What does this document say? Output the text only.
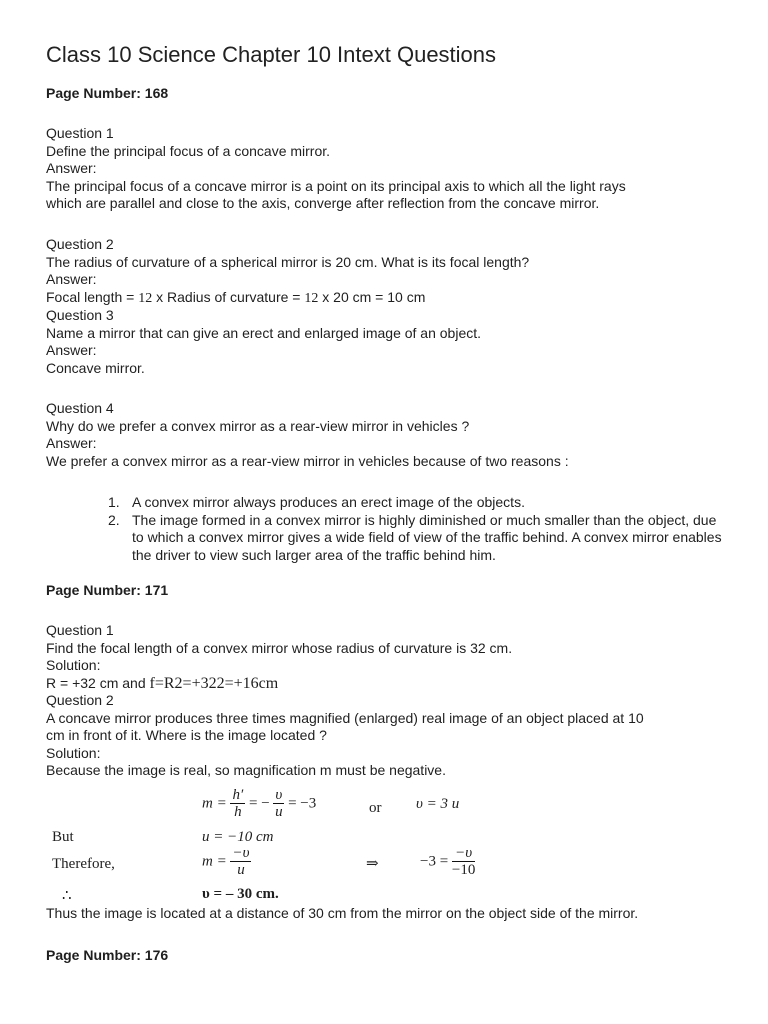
Class 10 Science Chapter 10 Intext Questions
Page Number: 168
Question 1
Define the principal focus of a concave mirror.
Answer:
The principal focus of a concave mirror is a point on its principal axis to which all the light rays
which are parallel and close to the axis, converge after reflection from the concave mirror.
Question 2
The radius of curvature of a spherical mirror is 20 cm. What is its focal length?
Answer:
Focal length = 12 x Radius of curvature = 12 x 20 cm = 10 cm
Question 3
Name a mirror that can give an erect and enlarged image of an object.
Answer:
Concave mirror.
Question 4
Why do we prefer a convex mirror as a rear-view mirror in vehicles ?
Answer:
We prefer a convex mirror as a rear-view mirror in vehicles because of two reasons :
1. A convex mirror always produces an erect image of the objects.
2. The image formed in a convex mirror is highly diminished or much smaller than the object, due to which a convex mirror gives a wide field of view of the traffic behind. A convex mirror enables the driver to view such larger area of the traffic behind him.
Page Number: 171
Question 1
Find the focal length of a convex mirror whose radius of curvature is 32 cm.
Solution:
R = +32 cm and f=R2=+322=+16cm
Question 2
A concave mirror produces three times magnified (enlarged) real image of an object placed at 10
cm in front of it. Where is the image located ?
Solution:
Because the image is real, so magnification m must be negative.
$m = \frac{h'}{h}$ = − $\frac{\upsilon}{u} = -3$	or υ = 3 u
But	u = −10 cm
Therefore,	$m = \frac{-\upsilon}{u}$	⇒	$-3 = \frac{-\upsilon}{-10}$
∴	υ = – 30 cm.
Thus the image is located at a distance of 30 cm from the mirror on the object side of the mirror.
Page Number: 176
